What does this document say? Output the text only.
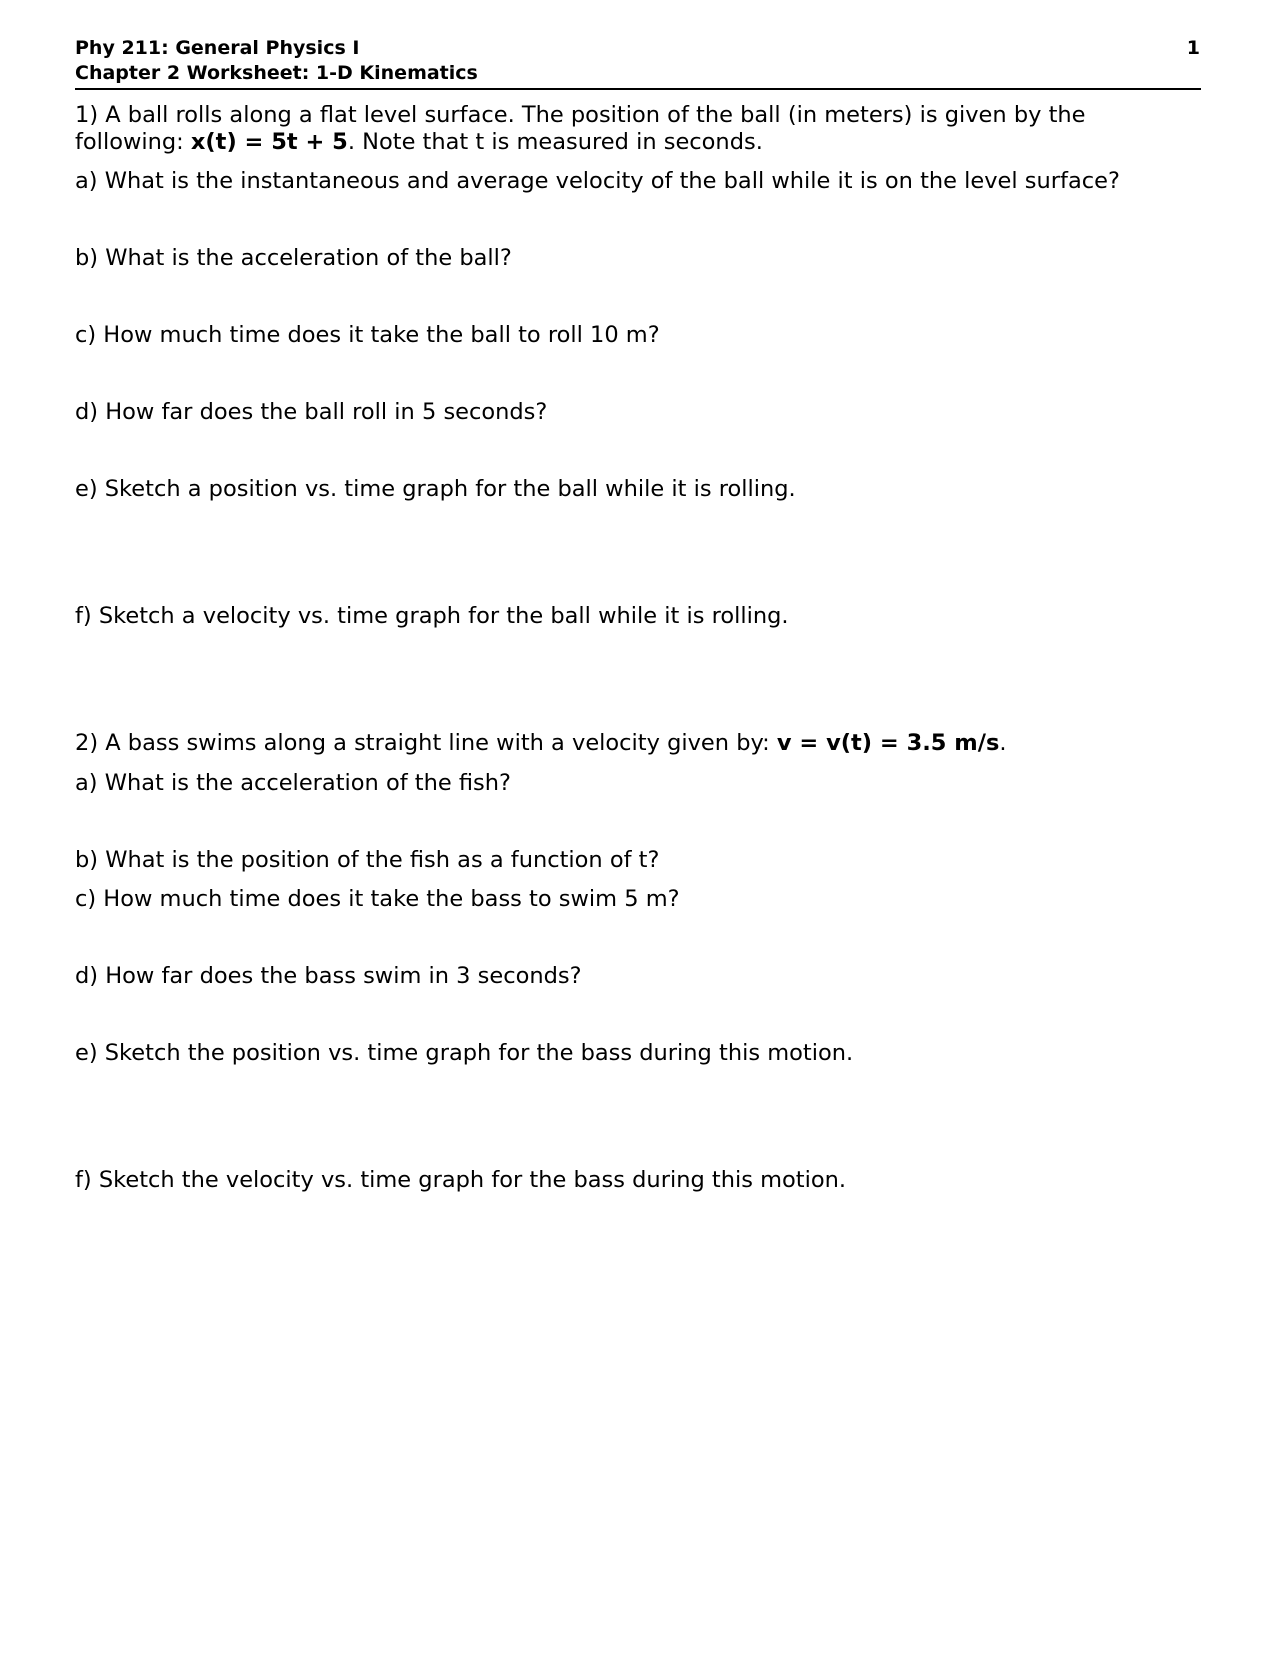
Phy 211: General Physics I	1
Chapter 2 Worksheet: 1-D Kinematics
1) A ball rolls along a flat level surface. The position of the ball (in meters) is given by the
following: x(t) = 5t + 5. Note that t is measured in seconds.
a) What is the instantaneous and average velocity of the ball while it is on the level surface?
b) What is the acceleration of the ball?
c) How much time does it take the ball to roll 10 m?
d) How far does the ball roll in 5 seconds?
e) Sketch a position vs. time graph for the ball while it is rolling.
f) Sketch a velocity vs. time graph for the ball while it is rolling.
2) A bass swims along a straight line with a velocity given by: v = v(t) = 3.5 m/s.
a) What is the acceleration of the fish?
b) What is the position of the fish as a function of t?
c) How much time does it take the bass to swim 5 m?
d) How far does the bass swim in 3 seconds?
e) Sketch the position vs. time graph for the bass during this motion.
f) Sketch the velocity vs. time graph for the bass during this motion.
